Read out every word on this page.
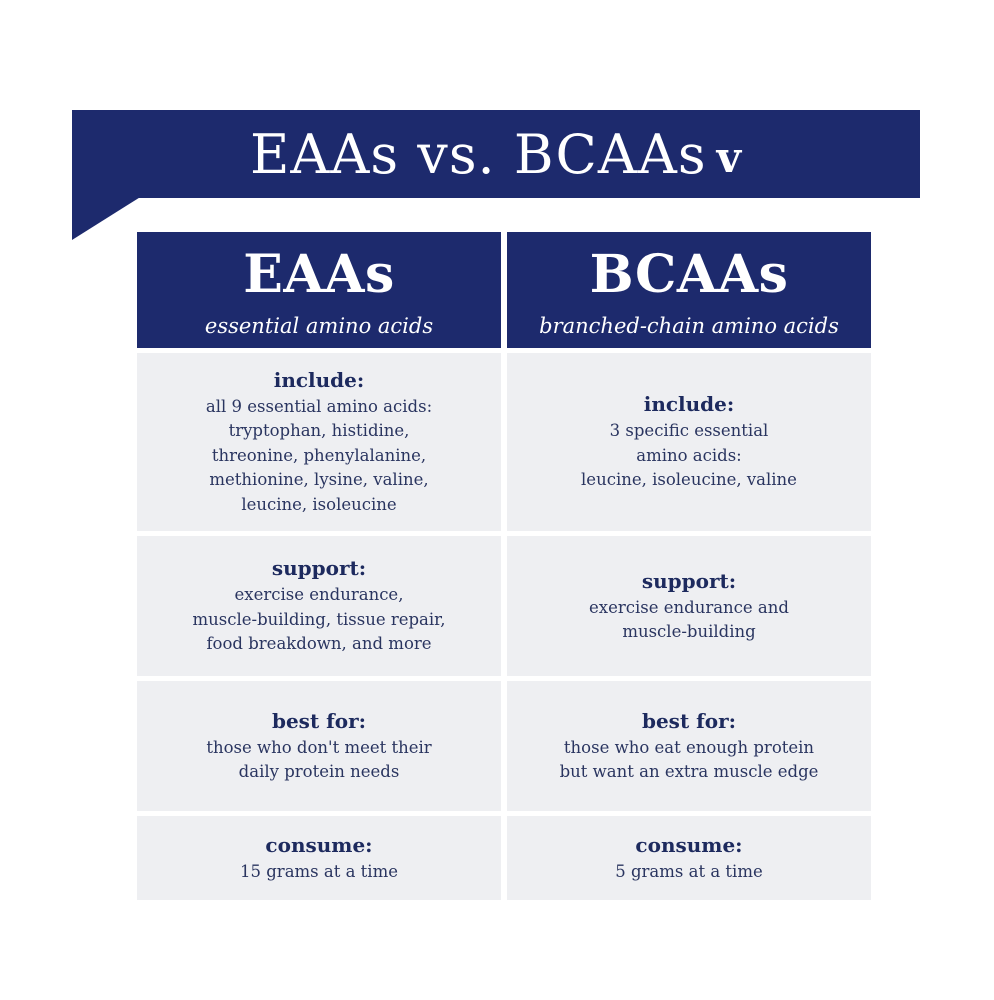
EAAs vs. BCAAs v
EAAs
essential amino acids
include:
all 9 essential amino acids:
tryptophan, histidine,
threonine, phenylalanine,
methionine, lysine, valine,
leucine, isoleucine
support:
exercise endurance,
muscle-building, tissue repair,
food breakdown, and more
best for:
those who don't meet their
daily protein needs
consume:
15 grams at a time
BCAAs
branched-chain amino acids
include:
3 specific essential
amino acids:
leucine, isoleucine, valine
support:
exercise endurance and
muscle-building
best for:
those who eat enough protein
but want an extra muscle edge
consume:
5 grams at a time
